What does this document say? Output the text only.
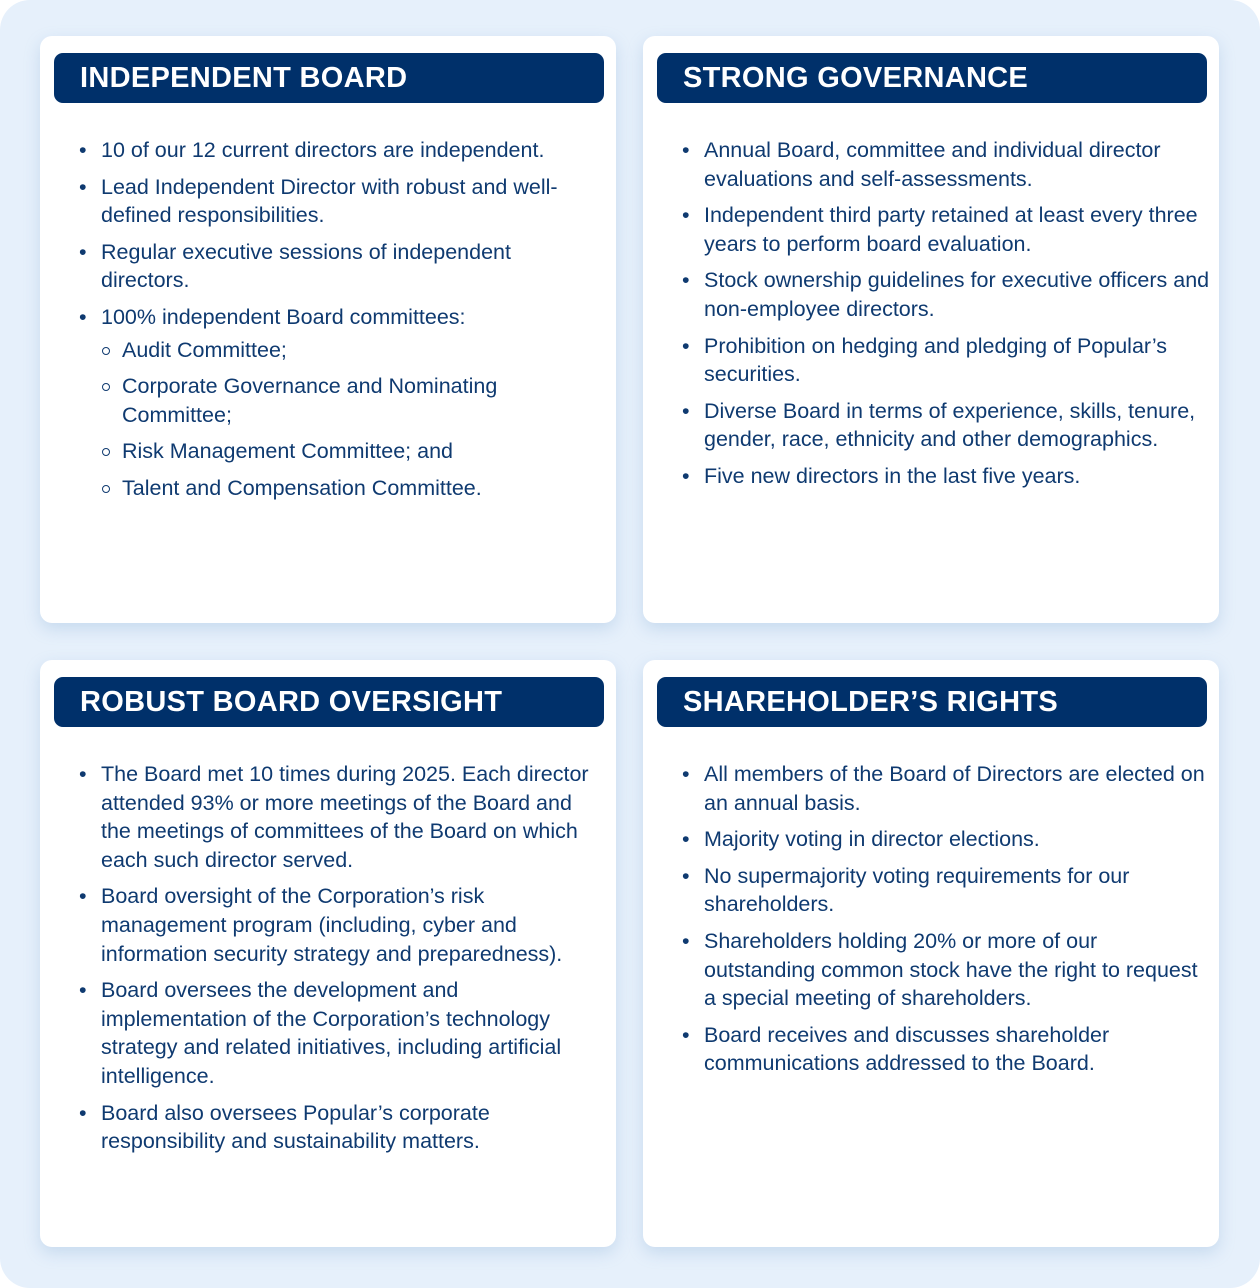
INDEPENDENT BOARD
• 10 of our 12 current directors are independent.
• Lead Independent Director with robust and well-defined responsibilities.
• Regular executive sessions of independent directors.
• 100% independent Board committees:
Audit Committee;
Corporate Governance and Nominating Committee;
Risk Management Committee; and
Talent and Compensation Committee.
STRONG GOVERNANCE
• Annual Board, committee and individual director evaluations and self-assessments.
• Independent third party retained at least every three years to perform board evaluation.
• Stock ownership guidelines for executive officers and non-employee directors.
• Prohibition on hedging and pledging of Popular’s securities.
• Diverse Board in terms of experience, skills, tenure, gender, race, ethnicity and other demographics.
• Five new directors in the last five years.
ROBUST BOARD OVERSIGHT
• The Board met 10 times during 2025. Each director attended 93% or more meetings of the Board and the meetings of committees of the Board on which each such director served.
• Board oversight of the Corporation’s risk management program (including, cyber and information security strategy and preparedness).
• Board oversees the development and implementation of the Corporation’s technology strategy and related initiatives, including artificial intelligence.
• Board also oversees Popular’s corporate responsibility and sustainability matters.
SHAREHOLDER’S RIGHTS
• All members of the Board of Directors are elected on an annual basis.
• Majority voting in director elections.
• No supermajority voting requirements for our shareholders.
• Shareholders holding 20% or more of our outstanding common stock have the right to request a special meeting of shareholders.
• Board receives and discusses shareholder communications addressed to the Board.
